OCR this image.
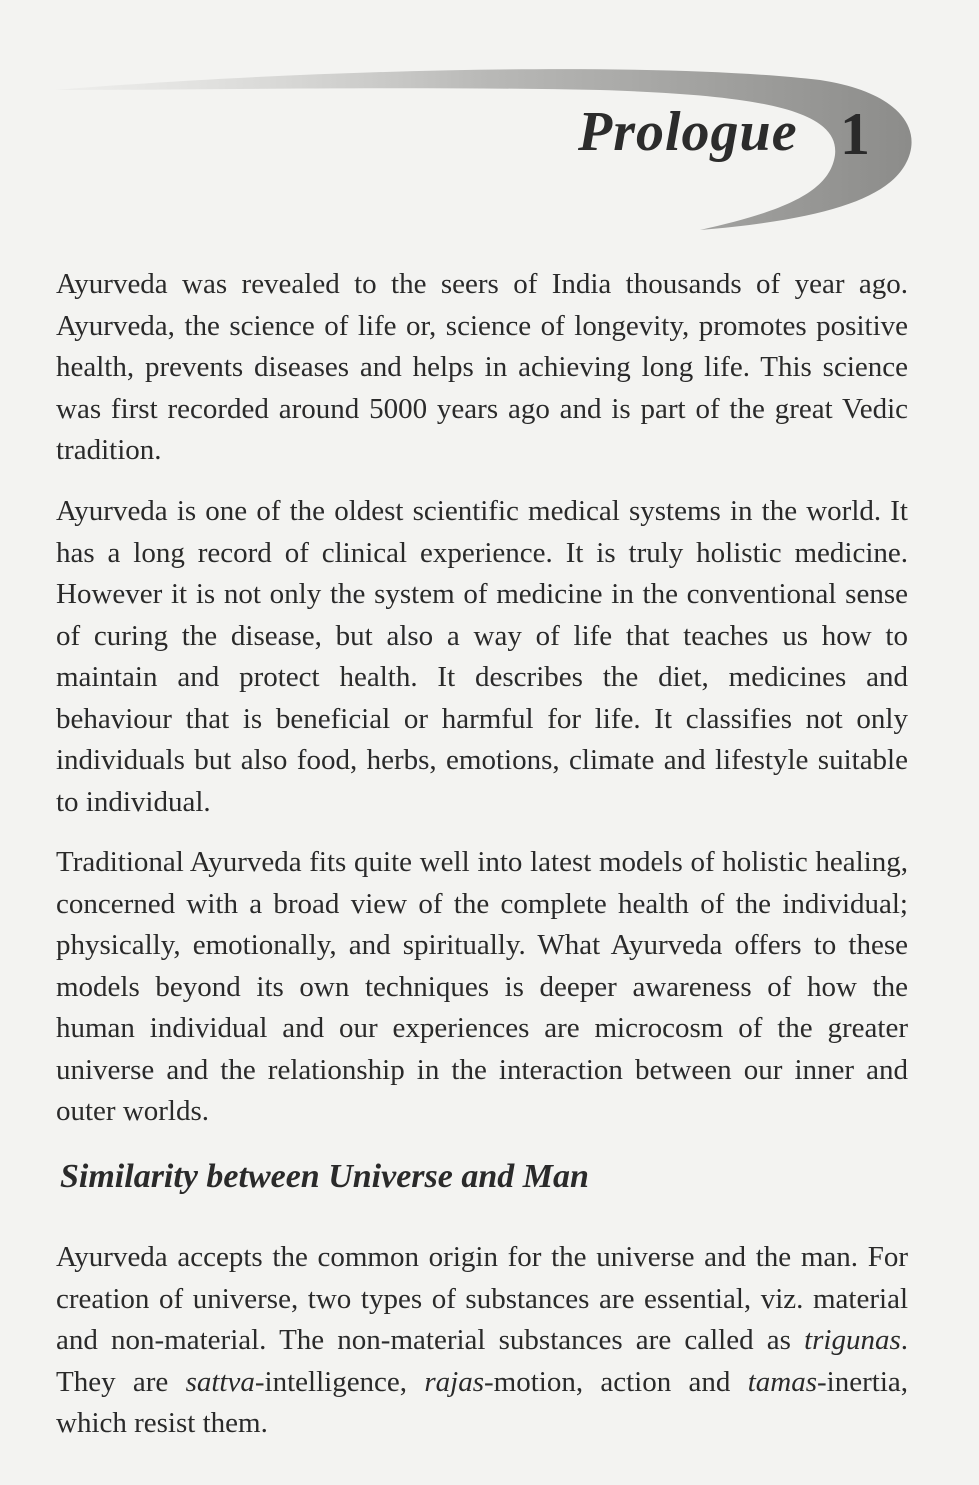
Prologue 1

Ayurveda was revealed to the seers of India thousands of year ago. Ayurveda, the science of life or, science of longevity, promotes positive health, prevents diseases and helps in achieving long life. This science was first recorded around 5000 years ago and is part of the great Vedic tradition.

Ayurveda is one of the oldest scientific medical systems in the world. It has a long record of clinical experience. It is truly holistic medicine. However it is not only the system of medicine in the conventional sense of curing the disease, but also a way of life that teaches us how to maintain and protect health. It describes the diet, medicines and behaviour that is beneficial or harmful for life. It classifies not only individuals but also food, herbs, emotions, climate and lifestyle suitable to individual.

Traditional Ayurveda fits quite well into latest models of holistic healing, concerned with a broad view of the complete health of the individual; physically, emotionally, and spiritually. What Ayurveda offers to these models beyond its own techniques is deeper awareness of how the human individual and our experiences are microcosm of the greater universe and the relationship in the interaction between our inner and outer worlds.

Similarity between Universe and Man

Ayurveda accepts the common origin for the universe and the man. For creation of universe, two types of substances are essential, viz. material and non-material. The non-material substances are called as trigunas. They are sattva-intelligence, rajas-motion, action and tamas-inertia, which resist them.
